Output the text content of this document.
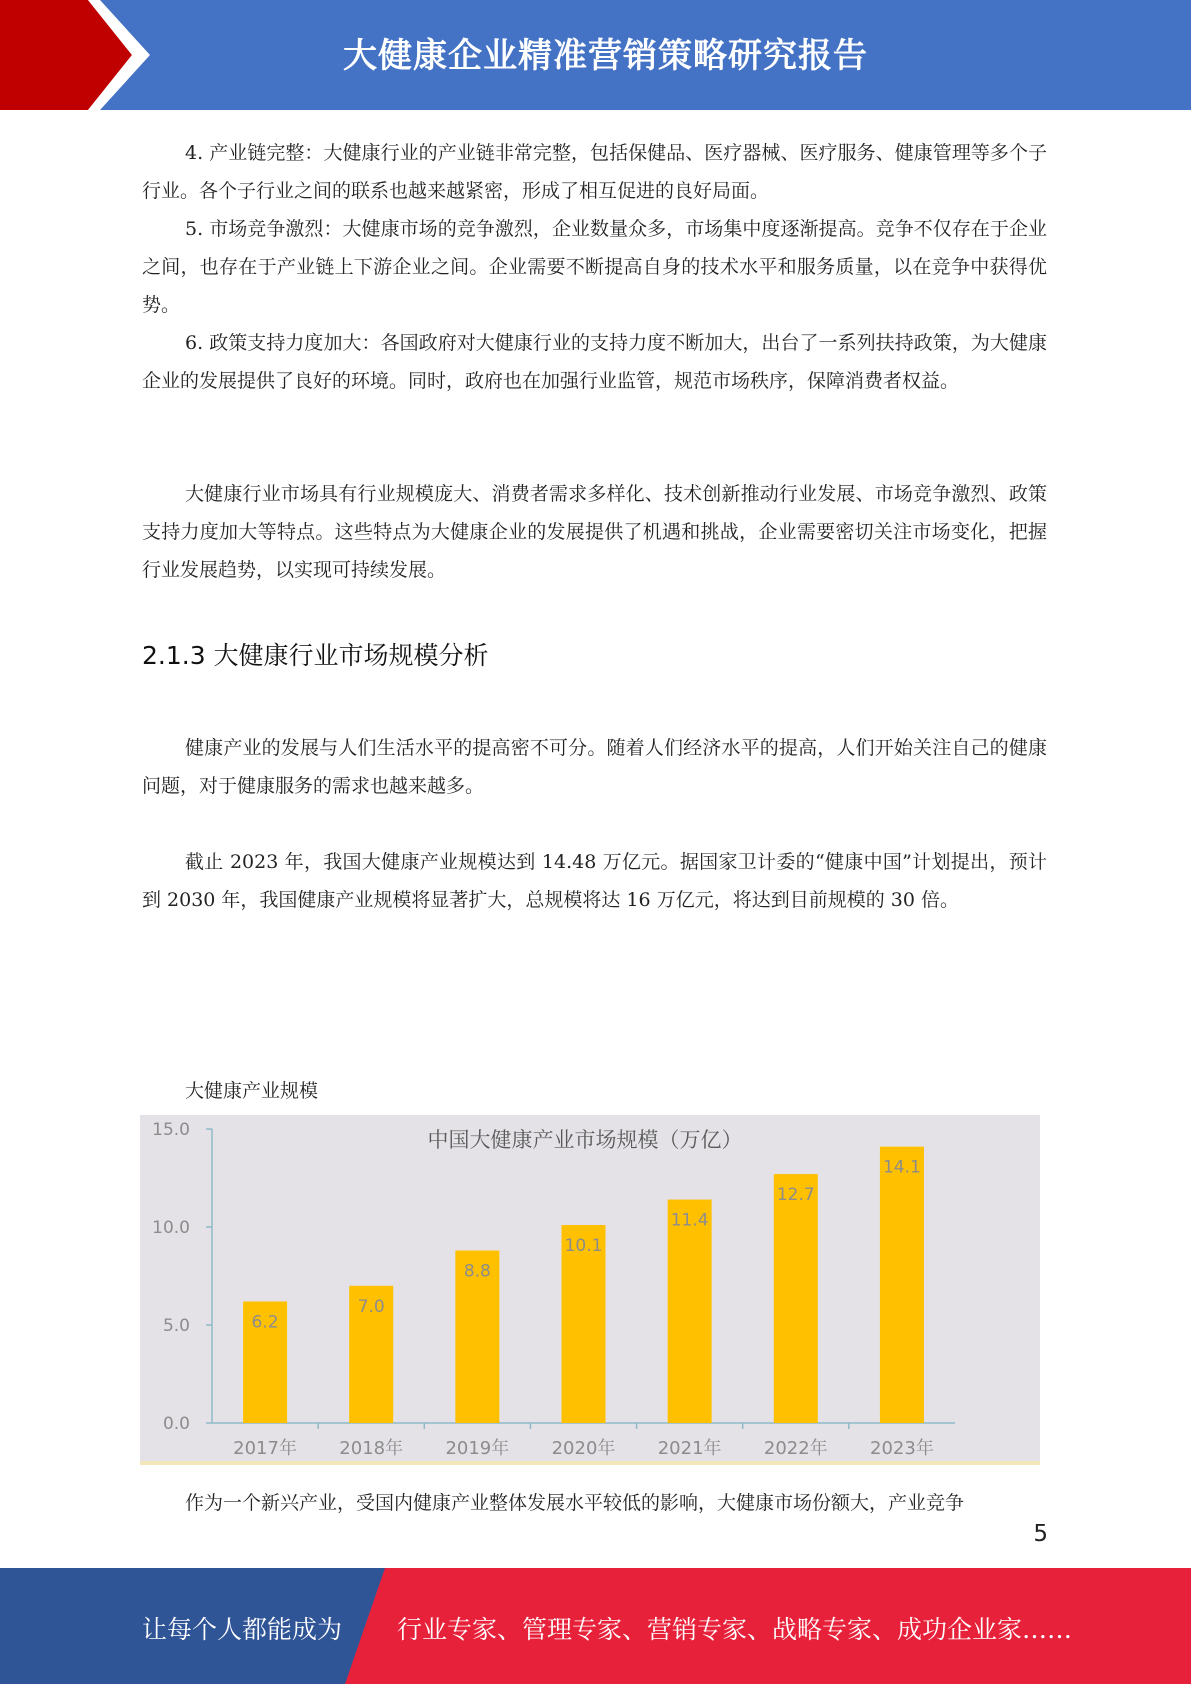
大健康企业精准营销策略研究报告

4. 产业链完整：大健康行业的产业链非常完整，包括保健品、医疗器械、医疗服务、健康管理等多个子行业。各个子行业之间的联系也越来越紧密，形成了相互促进的良好局面。

5. 市场竞争激烈：大健康市场的竞争激烈，企业数量众多，市场集中度逐渐提高。竞争不仅存在于企业之间，也存在于产业链上下游企业之间。企业需要不断提高自身的技术水平和服务质量，以在竞争中获得优势。

6. 政策支持力度加大：各国政府对大健康行业的支持力度不断加大，出台了一系列扶持政策，为大健康企业的发展提供了良好的环境。同时，政府也在加强行业监管，规范市场秩序，保障消费者权益。

大健康行业市场具有行业规模庞大、消费者需求多样化、技术创新推动行业发展、市场竞争激烈、政策支持力度加大等特点。这些特点为大健康企业的发展提供了机遇和挑战，企业需要密切关注市场变化，把握行业发展趋势，以实现可持续发展。

2.1.3 大健康行业市场规模分析

健康产业的发展与人们生活水平的提高密不可分。随着人们经济水平的提高，人们开始关注自己的健康问题，对于健康服务的需求也越来越多。

截止 2023 年，我国大健康产业规模达到 14.48 万亿元。据国家卫计委的“健康中国”计划提出，预计到 2030 年，我国健康产业规模将显著扩大，总规模将达 16 万亿元，将达到目前规模的 30 倍。

大健康产业规模
中国大健康产业市场规模（万亿）
0.0
5.0
10.0
15.0
6.2
2017年
7.0
2018年
8.8
2019年
10.1
2020年
11.4
2021年
12.7
2022年
14.1
2023年

作为一个新兴产业，受国内健康产业整体发展水平较低的影响，大健康市场份额大，产业竞争

5
让每个人都能成为 行业专家、管理专家、营销专家、战略专家、成功企业家……
